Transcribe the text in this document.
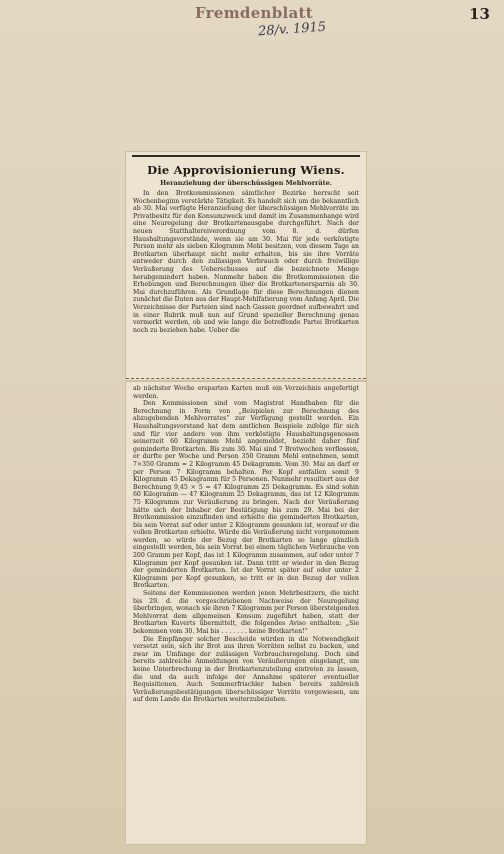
Fremdenblatt	13
28/v. 1915
Die Approvisionierung Wiens.
Heranziehung der überschüssigen Mehlvorräte.

In den Brotkommissionen sämtlicher Bezirke herrscht seit Wochenbeginn verstärkte Tätigkeit. Es handelt sich um die bekanntlich ab 30. Mai verfügte Heranziehung der überschüssigen Mehlvorräte im Privatbesitz für den Konsumzweck und damit im Zusammenhange wird eine Neuregelung der Brotkartenausgabe durchgeführt. Nach der neuen Statthaltereiverordnung vom 8. d. dürfen Haushaltungsvorstände, wenn sie am 30. Mai für jede verköstigte Person mehr als sieben Kilogramm Mehl besitzen, von diesem Tage an Brotkarten überhaupt nicht mehr erhalten, bis sie ihre Vorräte entweder durch den zulässigen Verbrauch oder durch freiwillige Veräußerung des Ueberschusses auf die bezeichnete Menge herabgemindert haben. Nunmehr haben die Brotkommissionen die Erhebungen und Berechnungen über die Brotkartenersparnis ab 30. Mai durchzuführen. Als Grundlage für diese Berechnungen dienen zunächst die Daten aus der Haupt-Mehlfatierung vom Anfang April. Die Verzeichnisse der Parteien sind nach Gassen geordnet aufbewahrt und in einer Rubrik muß nun auf Grund spezieller Berechnung genau vermerkt werden, ob und wie lange die betreffende Partei Brotkarten noch zu beziehen habe. Ueber die

ab nächster Woche ersparten Karten muß ein Verzeichnis angefertigt werden.

Den Kommissionen sind vom Magistrat Handhaben für die Berechnung in Form von „Beispielen zur Berechnung des abzugebenden Mehlvorrates“ zur Verfügung gestellt worden. Ein Haushaltungsvorstand hat dem amtlichen Beispiele zufolge für sich und für vier andere von ihm verköstigte Haushaltungsgenossen seinerzeit 60 Kilogramm Mehl angemeldet, bezieht daher fünf geminderte Brotkarten. Bis zum 30. Mai sind 7 Brotwochen verflossen, er durfte per Woche und Person 350 Gramm Mehl entnehmen, somit 7×350 Gramm = 2 Kilogramm 45 Dekagramm. Vom 30. Mai an darf er per Person 7 Kilogramm behalten. Per Kopf entfallen somit 9 Kilogramm 45 Dekagramm für 5 Personen. Nunmehr resultiert aus der Berechnung 9,45 × 5 = 47 Kilogramm 25 Dekagramm. Es sind sohin 60 Kilogramm — 47 Kilogramm 25 Dekagramm, das ist 12 Kilogramm 75 Kilogramm zur Veräußerung zu bringen. Nach der Veräußerung hätte sich der Inhaber der Bestätigung bis zum 29. Mai bei der Brotkommission einzufinden und erhielte die geminderten Brotkarten, bis sein Vorrat auf oder unter 2 Kilogramm gesunken ist, worauf er die vollen Brotkarten erhielte. Würde die Veräußerung nicht vorgenommen werden, so würde der Bezug der Brotkarten so lange gänzlich eingestellt werden, bis sein Vorrat bei einem täglichen Verbrauche von 200 Gramm per Kopf, das ist 1 Kilogramm zusammen, auf oder unter 7 Kilogramm per Kopf gesunken ist. Dann tritt er wieder in den Bezug der geminderten Brotkarten. Ist der Vorrat später auf oder unter 2 Kilogramm per Kopf gesunken, so tritt er in den Bezug der vollen Brotkarten.

Seitens der Kommissionen werden jenen Mehrbesitzern, die nicht bis 29. d. die vorgeschriebenen Nachweise der Neuregelung überbringen, wonach sie ihren 7 Kilogramm per Person übersteigenden Mehlvorrat dem allgemeinen Konsum zugeführt haben, statt der Brotkarten Kuverts übermittelt, die folgendes Aviso enthalten: „Sie bekommen vom 30. Mai bis . . . . . . . keine Brotkarten!“

Die Empfänger solcher Bescheide würden in die Notwendigkeit versetzt sein, sich ihr Brot aus ihren Vorräten selbst zu backen, und zwar im Umfange der zulässigen Verbrauchsregelung. Doch sind bereits zahlreiche Anmeldungen von Veräußerungen eingelangt, um keine Unterbrechung in der Brotkartenzuteilung eintreten zu lassen, die und da auch infolge der Annahme späterer eventueller Requisitionen. Auch Sommerfrischler haben bereits zahlreich Veräußerungsbestätigungen überschüssiger Vorräte vorgewiesen, um auf dem Lande die Brotkarten weiterzubeziehen.
